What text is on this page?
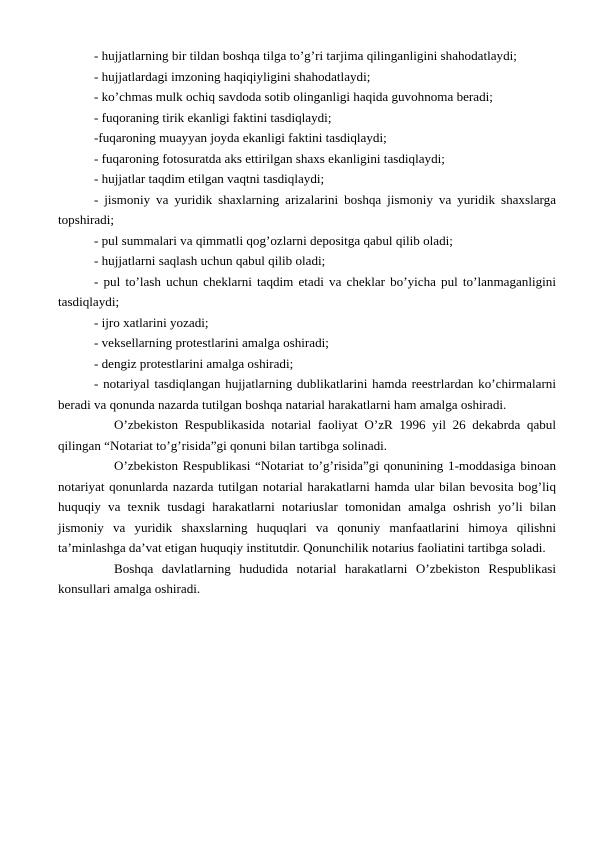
- hujjatlarning bir tildan boshqa tilga to’g’ri tarjima qilinganligini shahodatlaydi;

- hujjatlardagi imzoning haqiqiyligini shahodatlaydi;

- ko’chmas mulk ochiq savdoda sotib olinganligi haqida guvohnoma beradi;

- fuqoraning tirik ekanligi faktini tasdiqlaydi;

-fuqaroning muayyan joyda ekanligi faktini tasdiqlaydi;

- fuqaroning fotosuratda aks ettirilgan shaxs ekanligini tasdiqlaydi;

- hujjatlar taqdim etilgan vaqtni tasdiqlaydi;

- jismoniy va yuridik shaxlarning arizalarini boshqa jismoniy va yuridik shaxslarga topshiradi;

- pul summalari va qimmatli qog’ozlarni depositga qabul qilib oladi;

- hujjatlarni saqlash uchun qabul qilib oladi;

- pul to’lash uchun cheklarni taqdim etadi va cheklar bo’yicha pul to’lanmaganligini tasdiqlaydi;

- ijro xatlarini yozadi;

- veksellarning protestlarini amalga oshiradi;

- dengiz protestlarini amalga oshiradi;

- notariyal tasdiqlangan hujjatlarning dublikatlarini hamda reestrlardan ko’chirmalarni beradi va qonunda nazarda tutilgan boshqa natarial harakatlarni ham amalga oshiradi.

O’zbekiston Respublikasida notarial faoliyat O’zR 1996 yil 26 dekabrda qabul qilingan “Notariat to’g’risida”gi qonuni bilan tartibga solinadi.

O’zbekiston Respublikasi “Notariat to’g’risida”gi qonunining 1-moddasiga binoan notariyat qonunlarda nazarda tutilgan notarial harakatlarni hamda ular bilan bevosita bog’liq huquqiy va texnik tusdagi harakatlarni notariuslar tomonidan amalga oshrish yo’li bilan jismoniy va yuridik shaxslarning huquqlari va qonuniy manfaatlarini himoya qilishni ta’minlashga da’vat etigan huquqiy institutdir. Qonunchilik notarius faoliatini tartibga soladi.

Boshqa davlatlarning hududida notarial harakatlarni O’zbekiston Respublikasi konsullari amalga oshiradi.
